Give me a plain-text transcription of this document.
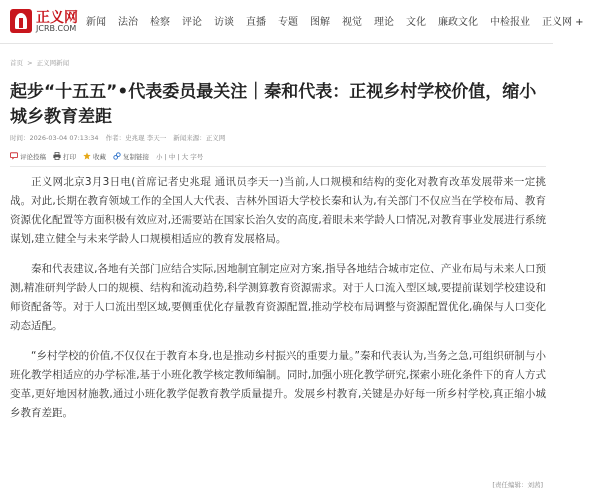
正义网
JCRB.COM
新闻 法治 检察 评论 访谈 直播 专题 图解 视觉 理论 文化 廉政文化 中检报业 正义网 +
首页 > 正义网新闻
起步“十五五”•代表委员最关注｜秦和代表：正视乡村学校价值，缩小城乡教育差距
时间：2026-03-04 07:13:34 作者：史兆琨 李天一 新闻来源：正义网
评论投稿	打印	收藏	复制链接 小 | 中 | 大 字号

正义网北京3月3日电(首席记者史兆琨 通讯员李天一)当前,人口规模和结构的变化对教育改革发展带来一定挑战。对此,长期在教育领域工作的全国人大代表、吉林外国语大学校长秦和认为,有关部门不仅应当在学校布局、教育资源优化配置等方面积极有效应对,还需要站在国家长治久安的高度,着眼未来学龄人口情况,对教育事业发展进行系统谋划,建立健全与未来学龄人口规模相适应的教育发展格局。

秦和代表建议,各地有关部门应结合实际,因地制宜制定应对方案,指导各地结合城市定位、产业布局与未来人口预测,精准研判学龄人口的规模、结构和流动趋势,科学测算教育资源需求。对于人口流入型区域,要提前谋划学校建设和师资配备等。对于人口流出型区域,要侧重优化存量教育资源配置,推动学校布局调整与资源配置优化,确保与人口变化动态适配。

“乡村学校的价值,不仅仅在于教育本身,也是推动乡村振兴的重要力量。”秦和代表认为,当务之急,可组织研制与小班化教学相适应的办学标准,基于小班化教学核定教师编制。同时,加强小班化教学研究,探索小班化条件下的育人方式变革,更好地因材施教,通过小班化教学促教育教学质量提升。发展乡村教育,关键是办好每一所乡村学校,真正缩小城乡教育差距。

[责任编辑：刘茜]
